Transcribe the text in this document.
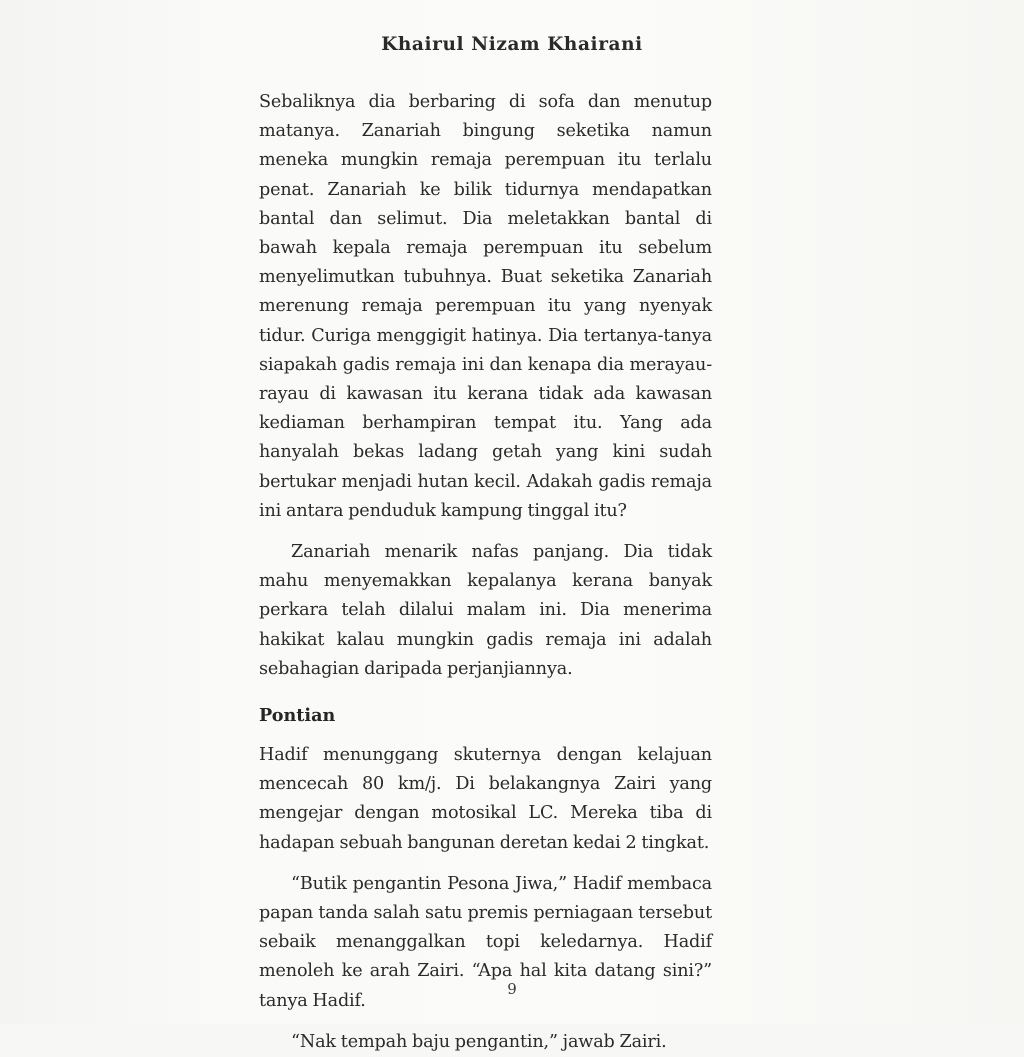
Khairul Nizam Khairani

Sebaliknya dia berbaring di sofa dan menutup matanya. Zanariah bingung seketika namun meneka mungkin remaja perempuan itu terlalu penat. Zanariah ke bilik tidurnya mendapatkan bantal dan selimut. Dia meletakkan bantal di bawah kepala remaja perempuan itu sebelum menyelimutkan tubuhnya. Buat seketika Zanariah merenung remaja perempuan itu yang nyenyak tidur. Curiga menggigit hatinya. Dia tertanya-tanya siapakah gadis remaja ini dan kenapa dia merayau-rayau di kawasan itu kerana tidak ada kawasan kediaman berhampiran tempat itu. Yang ada hanyalah bekas ladang getah yang kini sudah bertukar menjadi hutan kecil. Adakah gadis remaja ini antara penduduk kampung tinggal itu?

Zanariah menarik nafas panjang. Dia tidak mahu menyemakkan kepalanya kerana banyak perkara telah dilalui malam ini. Dia menerima hakikat kalau mungkin gadis remaja ini adalah sebahagian daripada perjanjiannya.

Pontian

Hadif menunggang skuternya dengan kelajuan mencecah 80 km/j. Di belakangnya Zairi yang mengejar dengan motosikal LC. Mereka tiba di hadapan sebuah bangunan deretan kedai 2 tingkat.

“Butik pengantin Pesona Jiwa,” Hadif membaca papan tanda salah satu premis perniagaan tersebut sebaik menanggalkan topi keledarnya. Hadif menoleh ke arah Zairi. “Apa hal kita datang sini?” tanya Hadif.

“Nak tempah baju pengantin,” jawab Zairi.

9
